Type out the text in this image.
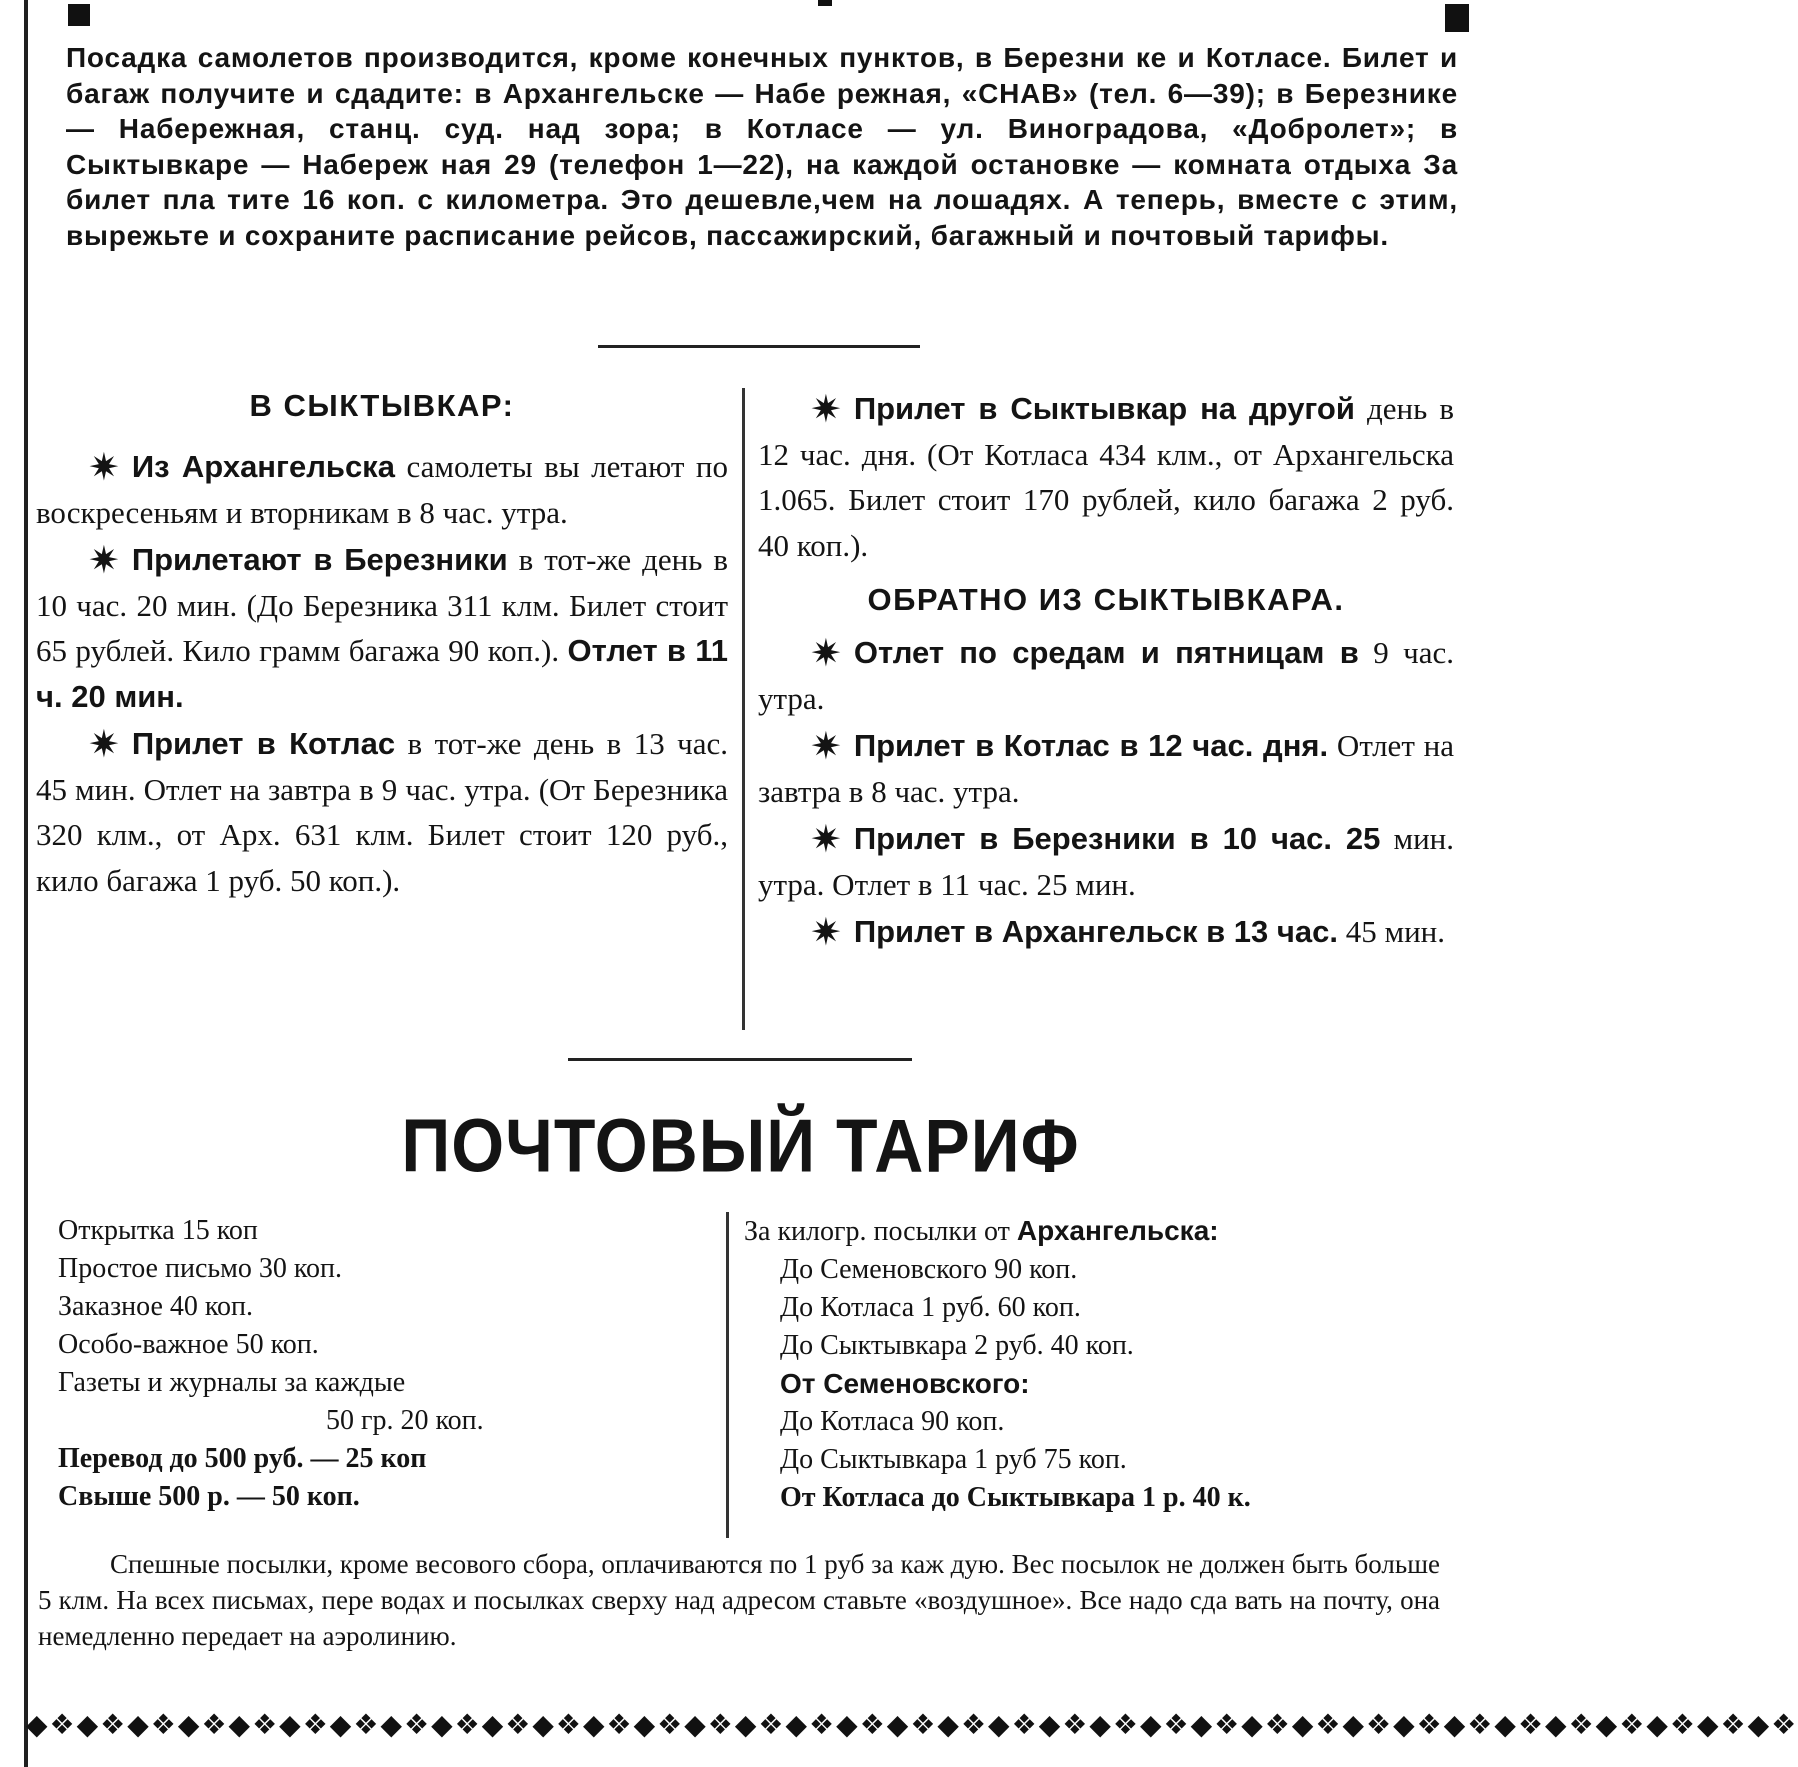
Посадка самолетов производится, кроме конечных пунктов, в Березни ке и Котласе. Билет и багаж получите и сдадите: в Архангельске — Набе режная, «СНАВ» (тел. 6—39); в Березнике — Набережная, станц. суд. над зора; в Котласе — ул. Виноградова, «Добролет»; в Сыктывкаре — Набереж ная 29 (телефон 1—22), на каждой остановке — комната отдыха За билет пла тите 16 коп. с километра. Это дешевле,чем на лошадях. А теперь, вместе с этим, вырежьте и сохраните расписание рейсов, пассажирский, багажный и почтовый тарифы.
В СЫКТЫВКАР:

✷ Из Архангельска самолеты вы летают по воскресеньям и вторникам в 8 час. утра.

✷ Прилетают в Березники в тот-же день в 10 час. 20 мин. (До Березника 311 клм. Билет стоит 65 рублей. Кило грамм багажа 90 коп.). Отлет в 11 ч. 20 мин.

✷ Прилет в Котлас в тот-же день в 13 час. 45 мин. Отлет на завтра в 9 час. утра. (От Березника 320 клм., от Арх. 631 клм. Билет стоит 120 руб., кило багажа 1 руб. 50 коп.).

✷ Прилет в Сыктывкар на другой день в 12 час. дня. (От Котласа 434 клм., от Архангельска 1.065. Билет стоит 170 рублей, кило багажа 2 руб. 40 коп.).

ОБРАТНО ИЗ СЫКТЫВКАРА.

✷ Отлет по средам и пятницам в 9 час. утра.

✷ Прилет в Котлас в 12 час. дня. Отлет на завтра в 8 час. утра.

✷ Прилет в Березники в 10 час. 25 мин. утра. Отлет в 11 час. 25 мин.

✷ Прилет в Архангельск в 13 час. 45 мин.

ПОЧТОВЫЙ ТАРИФ
Открытка 15 коп
Простое письмо 30 коп.
Заказное 40 коп.
Особо-важное 50 коп.
Газеты и журналы за каждые
50 гр. 20 коп.
Перевод до 500 руб. — 25 коп
Свыше 500 р. — 50 коп.
За килогр. посылки от Архангельска:
До Семеновского 90 коп.
До Котласа 1 руб. 60 коп.
До Сыктывкара 2 руб. 40 коп.
От Семеновского:
До Котласа 90 коп.
До Сыктывкара 1 руб 75 коп.
От Котласа до Сыктывкара 1 р. 40 к.
Спешные посылки, кроме весового сбора, оплачиваются по 1 руб за каж дую. Вес посылок не должен быть больше 5 клм. На всех письмах, пере водах и посылках сверху над адресом ставьте «воздушное». Все надо сда вать на почту, она немедленно передает на аэролинию.
◆❖◆❖◆❖◆❖◆❖◆❖◆❖◆❖◆❖◆❖◆❖◆❖◆❖◆❖◆❖◆❖◆❖◆❖◆❖◆❖◆❖◆❖◆❖◆❖◆❖◆❖◆❖◆❖◆❖◆❖◆❖◆❖◆❖◆❖◆❖
